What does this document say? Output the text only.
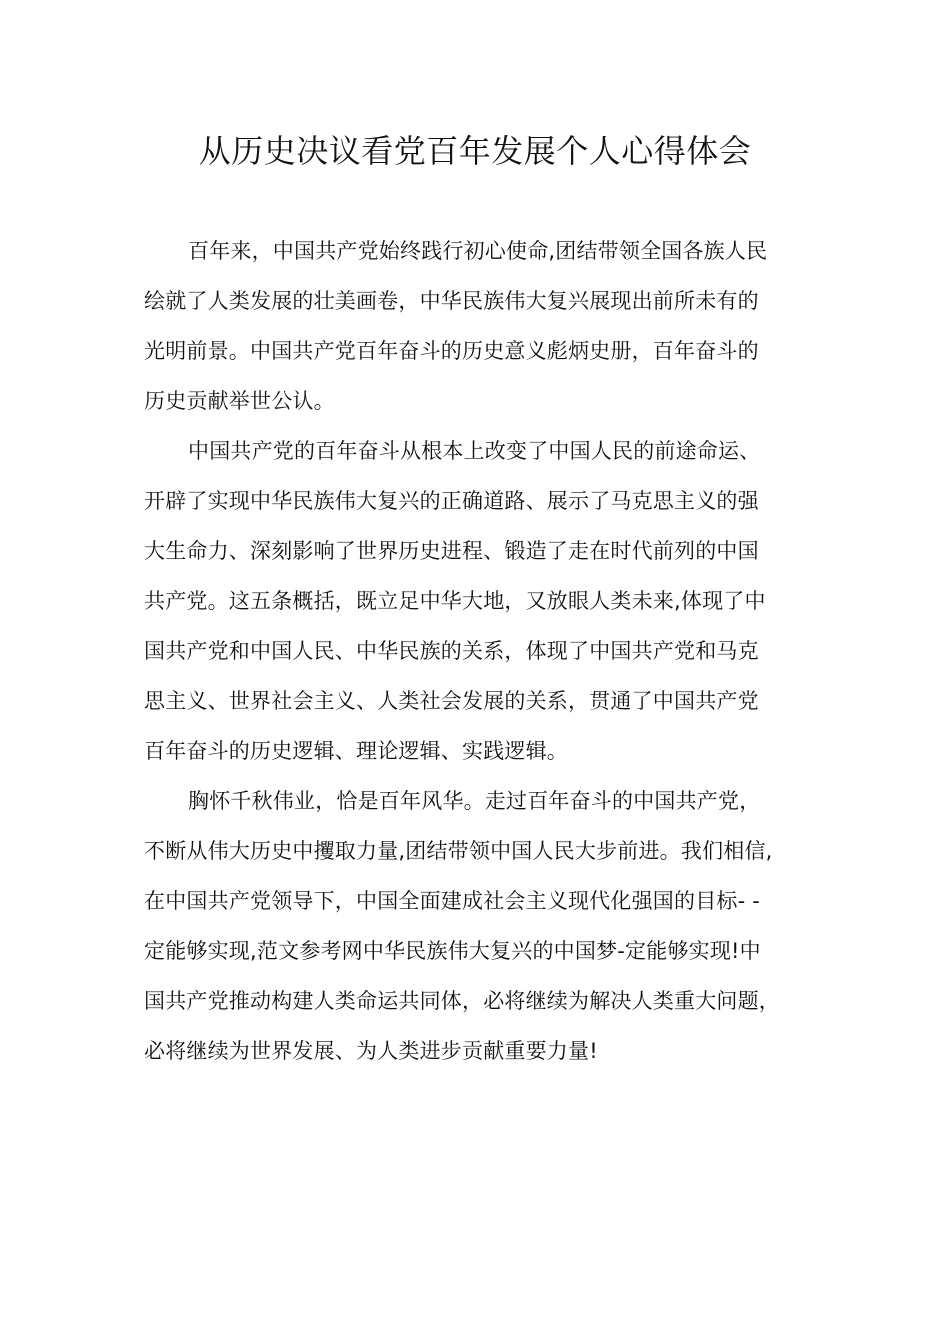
从历史决议看党百年发展个人心得体会

百年来，中国共产党始终践行初心使命,团结带领全国各族人民
绘就了人类发展的壮美画卷，中华民族伟大复兴展现出前所未有的
光明前景。中国共产党百年奋斗的历史意义彪炳史册，百年奋斗的
历史贡献举世公认。

中国共产党的百年奋斗从根本上改变了中国人民的前途命运、
开辟了实现中华民族伟大复兴的正确道路、展示了马克思主义的强
大生命力、深刻影响了世界历史进程、锻造了走在时代前列的中国
共产党。这五条概括，既立足中华大地，又放眼人类未来,体现了中
国共产党和中国人民、中华民族的关系，体现了中国共产党和马克
思主义、世界社会主义、人类社会发展的关系，贯通了中国共产党
百年奋斗的历史逻辑、理论逻辑、实践逻辑。

胸怀千秋伟业，恰是百年风华。走过百年奋斗的中国共产党，
不断从伟大历史中攫取力量,团结带领中国人民大步前进。我们相信,
在中国共产党领导下，中国全面建成社会主义现代化强国的目标- -
定能够实现,范文参考网中华民族伟大复兴的中国梦-定能够实现!中
国共产党推动构建人类命运共同体，必将继续为解决人类重大问题，
必将继续为世界发展、为人类进步贡献重要力量!
